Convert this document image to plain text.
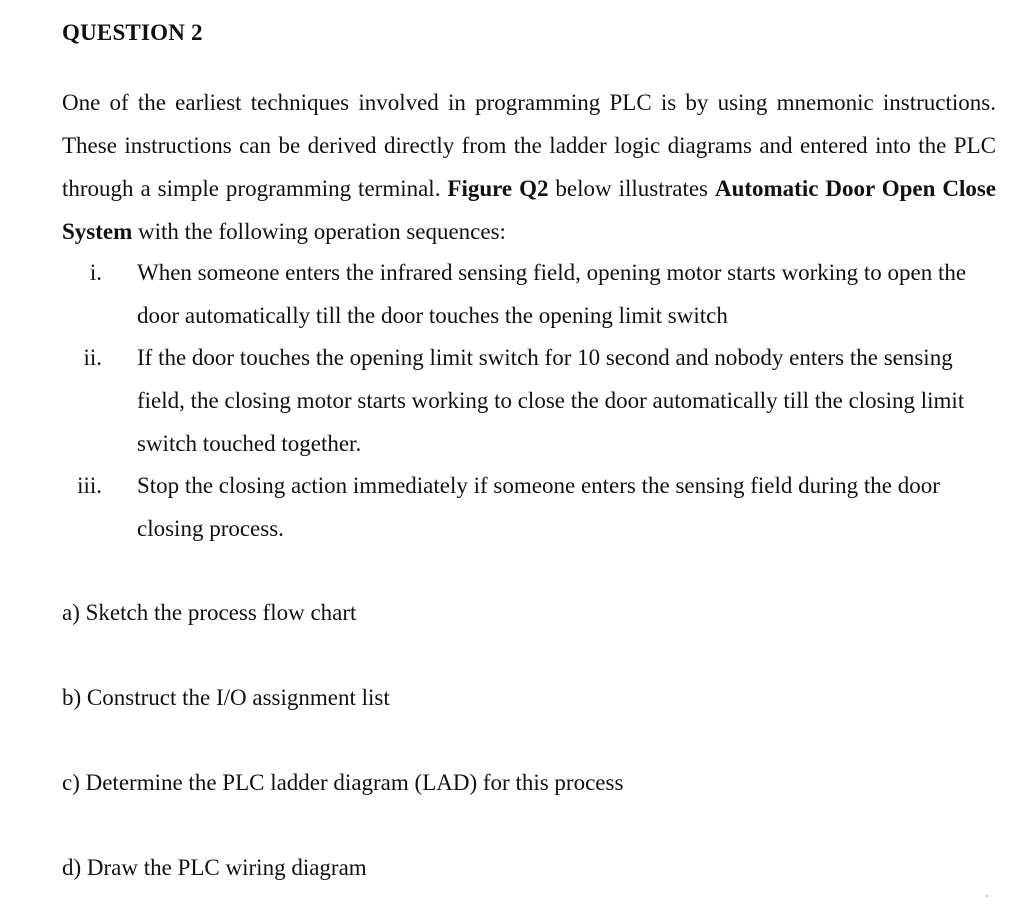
QUESTION 2

One of the earliest techniques involved in programming PLC is by using mnemonic instructions. These instructions can be derived directly from the ladder logic diagrams and entered into the PLC through a simple programming terminal. Figure Q2 below illustrates Automatic Door Open Close System with the following operation sequences:

i. When someone enters the infrared sensing field, opening motor starts working to open the door automatically till the door touches the opening limit switch
ii. If the door touches the opening limit switch for 10 second and nobody enters the sensing field, the closing motor starts working to close the door automatically till the closing limit switch touched together.
iii. Stop the closing action immediately if someone enters the sensing field during the door closing process.

a) Sketch the process flow chart

b) Construct the I/O assignment list

c) Determine the PLC ladder diagram (LAD) for this process

d) Draw the PLC wiring diagram
